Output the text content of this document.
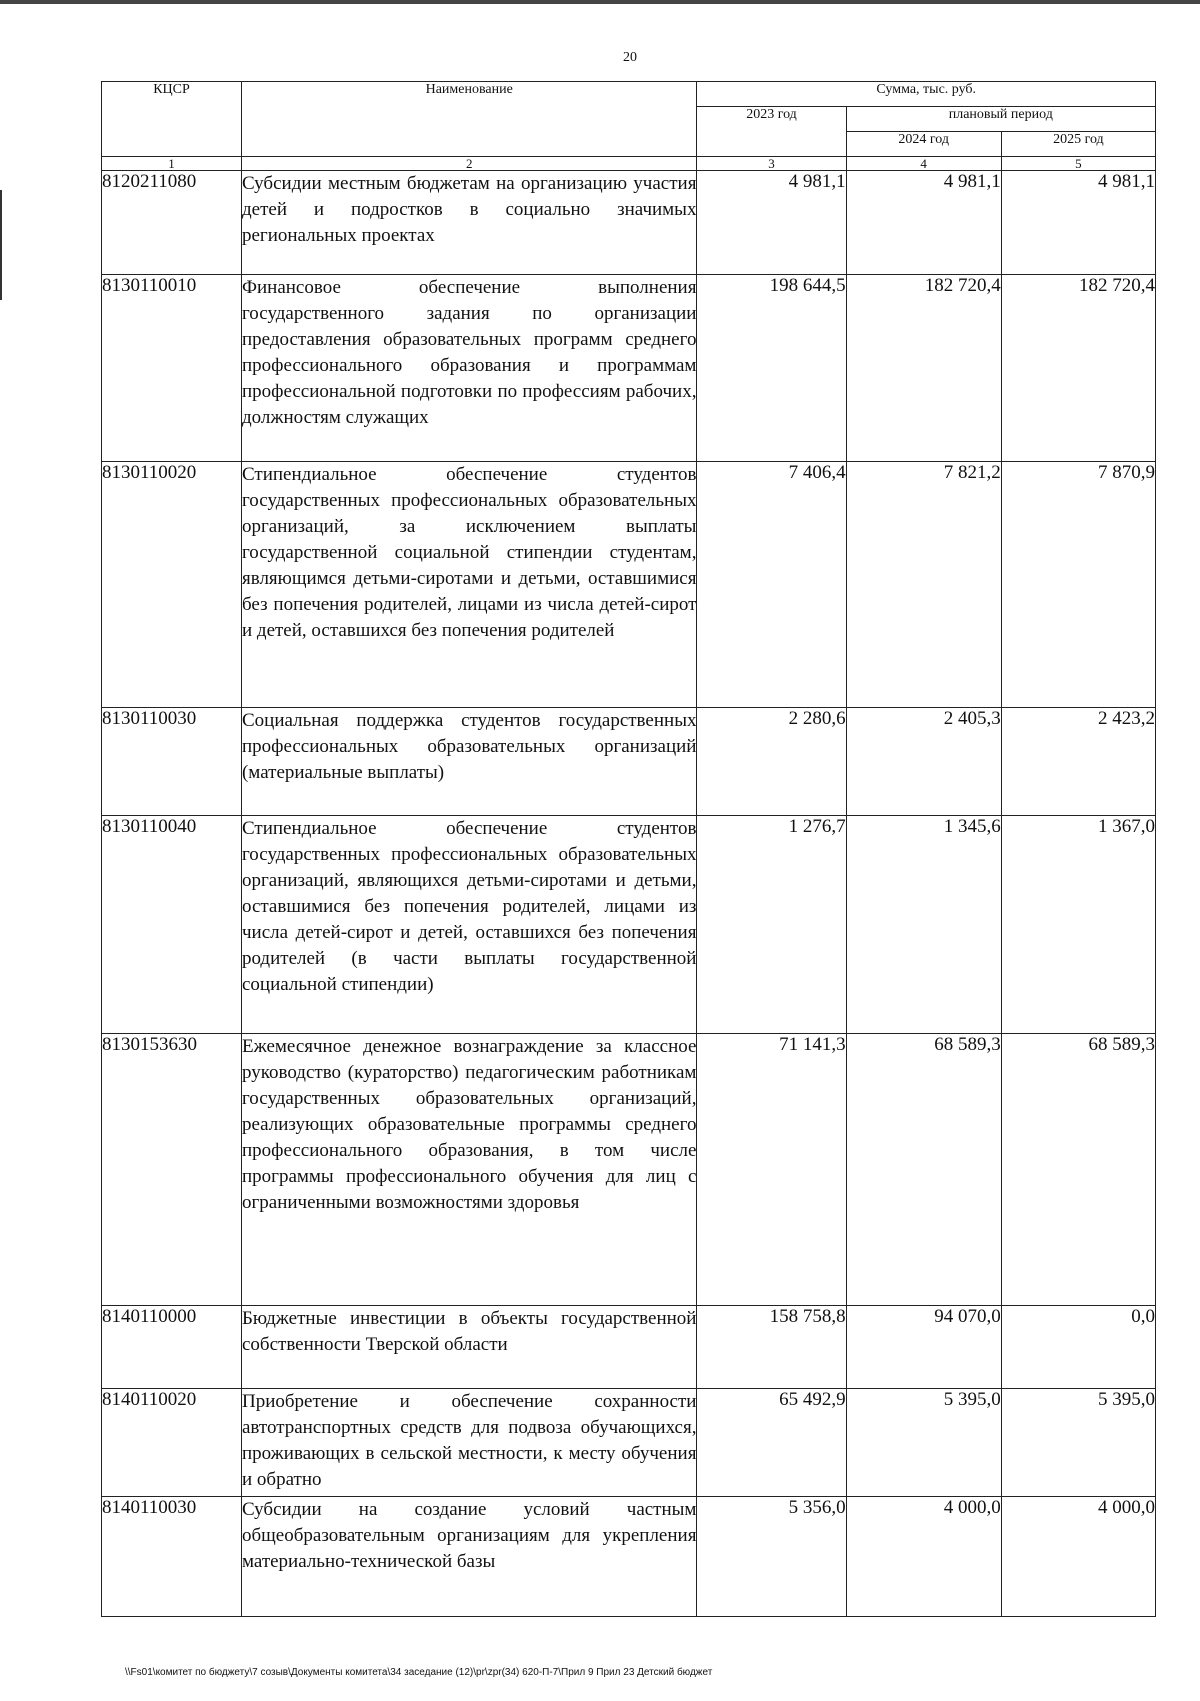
20
КЦСР	Наименование	Сумма, тыс. руб.		
		2023 год	плановый период	
			2024 год	2025 год
1	2	3	4	5
8120211080	Субсидии местным бюджетам на организацию участия детей и подростков в социально значимых региональных проектах	4 981,1	4 981,1	4 981,1
8130110010	Финансовое обеспечение выполнения государственного задания по организации предоставления образовательных программ среднего профессионального образования и программам профессиональной подготовки по профессиям рабочих, должностям служащих	198 644,5	182 720,4	182 720,4
8130110020	Стипендиальное обеспечение студентов государственных профессиональных образовательных организаций, за исключением выплаты государственной социальной стипендии студентам, являющимся детьми-сиротами и детьми, оставшимися без попечения родителей, лицами из числа детей-сирот и детей, оставшихся без попечения родителей	7 406,4	7 821,2	7 870,9
8130110030	Социальная поддержка студентов государственных профессиональных образовательных организаций (материальные выплаты)	2 280,6	2 405,3	2 423,2
8130110040	Стипендиальное обеспечение студентов государственных профессиональных образовательных организаций, являющихся детьми-сиротами и детьми, оставшимися без попечения родителей, лицами из числа детей-сирот и детей, оставшихся без попечения родителей (в части выплаты государственной социальной стипендии)	1 276,7	1 345,6	1 367,0
8130153630	Ежемесячное денежное вознаграждение за классное руководство (кураторство) педагогическим работникам государственных образовательных организаций, реализующих образовательные программы среднего профессионального образования, в том числе программы профессионального обучения для лиц с ограниченными возможностями здоровья	71 141,3	68 589,3	68 589,3
8140110000	Бюджетные инвестиции в объекты государственной собственности Тверской области	158 758,8	94 070,0	0,0
8140110020	Приобретение и обеспечение сохранности автотранспортных средств для подвоза обучающихся, проживающих в сельской местности, к месту обучения и обратно	65 492,9	5 395,0	5 395,0
8140110030	Субсидии на создание условий частным общеобразовательным организациям для укрепления материально-технической базы	5 356,0	4 000,0	4 000,0
\\Fs01\комитет по бюджету\7 созыв\Документы комитета\34 заседание (12)\pr\zpr(34) 620-П-7\Прил 9 Прил 23 Детский бюджет
